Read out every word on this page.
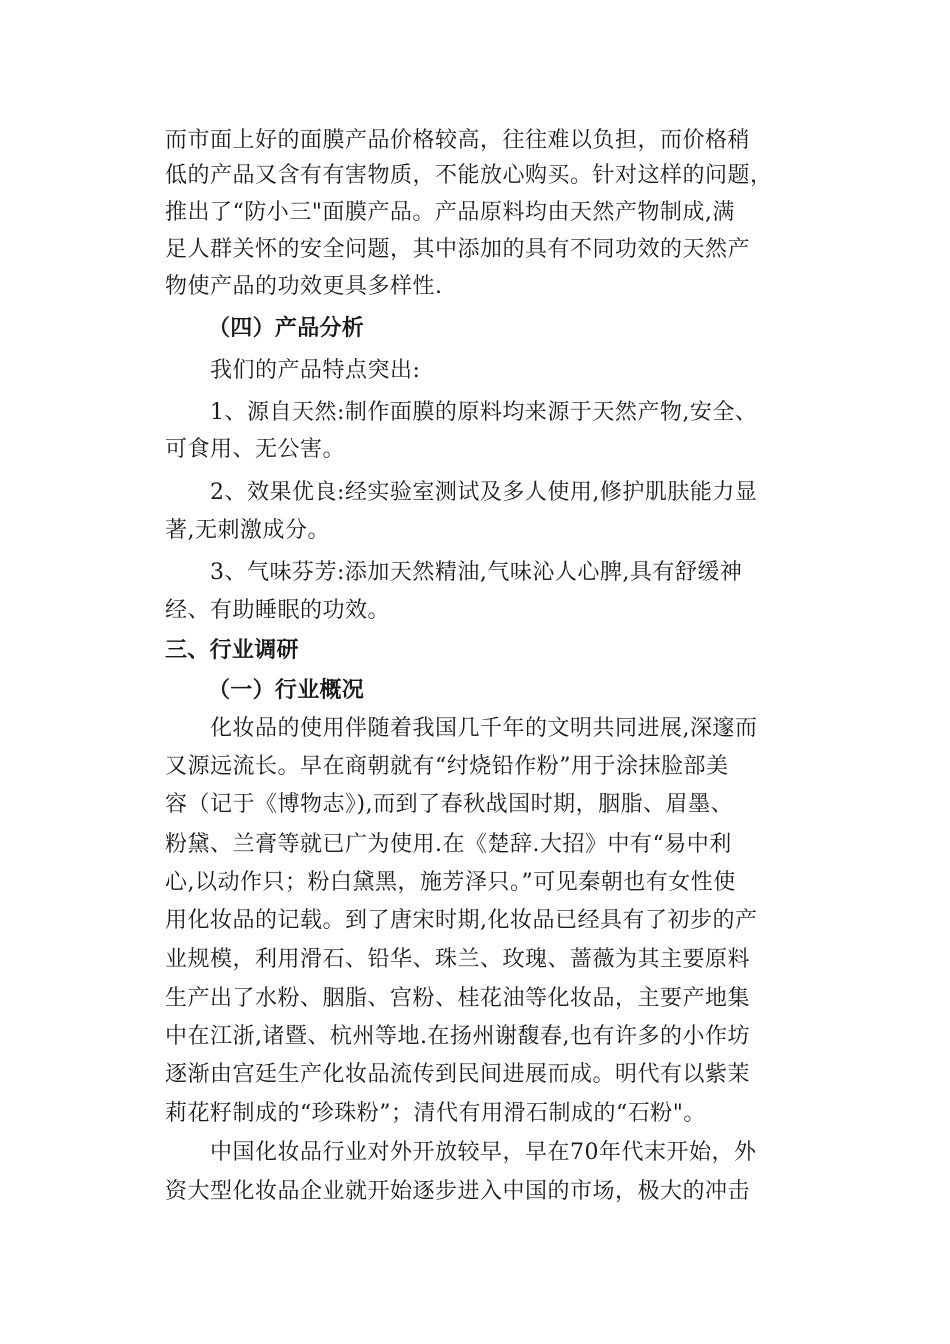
而市面上好的面膜产品价格较高，往往难以负担，而价格稍
低的产品又含有有害物质，不能放心购买。针对这样的问题，
推出了“防小三"面膜产品。产品原料均由天然产物制成,满
足人群关怀的安全问题，其中添加的具有不同功效的天然产
物使产品的功效更具多样性.
（四）产品分析
我们的产品特点突出:
1、源自天然:制作面膜的原料均来源于天然产物,安全、
可食用、无公害。
2、效果优良:经实验室测试及多人使用,修护肌肤能力显
著,无刺激成分。
3、气味芬芳:添加天然精油,气味沁人心脾,具有舒缓神
经、有助睡眠的功效。
三、行业调研
（一）行业概况
化妆品的使用伴随着我国几千年的文明共同进展,深邃而
又源远流长。早在商朝就有“纣烧铅作粉”用于涂抹脸部美
容（记于《博物志》),而到了春秋战国时期，胭脂、眉墨、
粉黛、兰膏等就已广为使用.在《楚辞.大招》中有“易中利
心,以动作只；粉白黛黑，施芳泽只。”可见秦朝也有女性使
用化妆品的记载。到了唐宋时期,化妆品已经具有了初步的产
业规模，利用滑石、铅华、珠兰、玫瑰、蔷薇为其主要原料
生产出了水粉、胭脂、宫粉、桂花油等化妆品，主要产地集
中在江浙,诸暨、杭州等地.在扬州谢馥春,也有许多的小作坊
逐渐由宫廷生产化妆品流传到民间进展而成。明代有以紫茉
莉花籽制成的“珍珠粉”；清代有用滑石制成的“石粉"。
中国化妆品行业对外开放较早，早在70年代末开始，外
资大型化妆品企业就开始逐步进入中国的市场，极大的冲击
